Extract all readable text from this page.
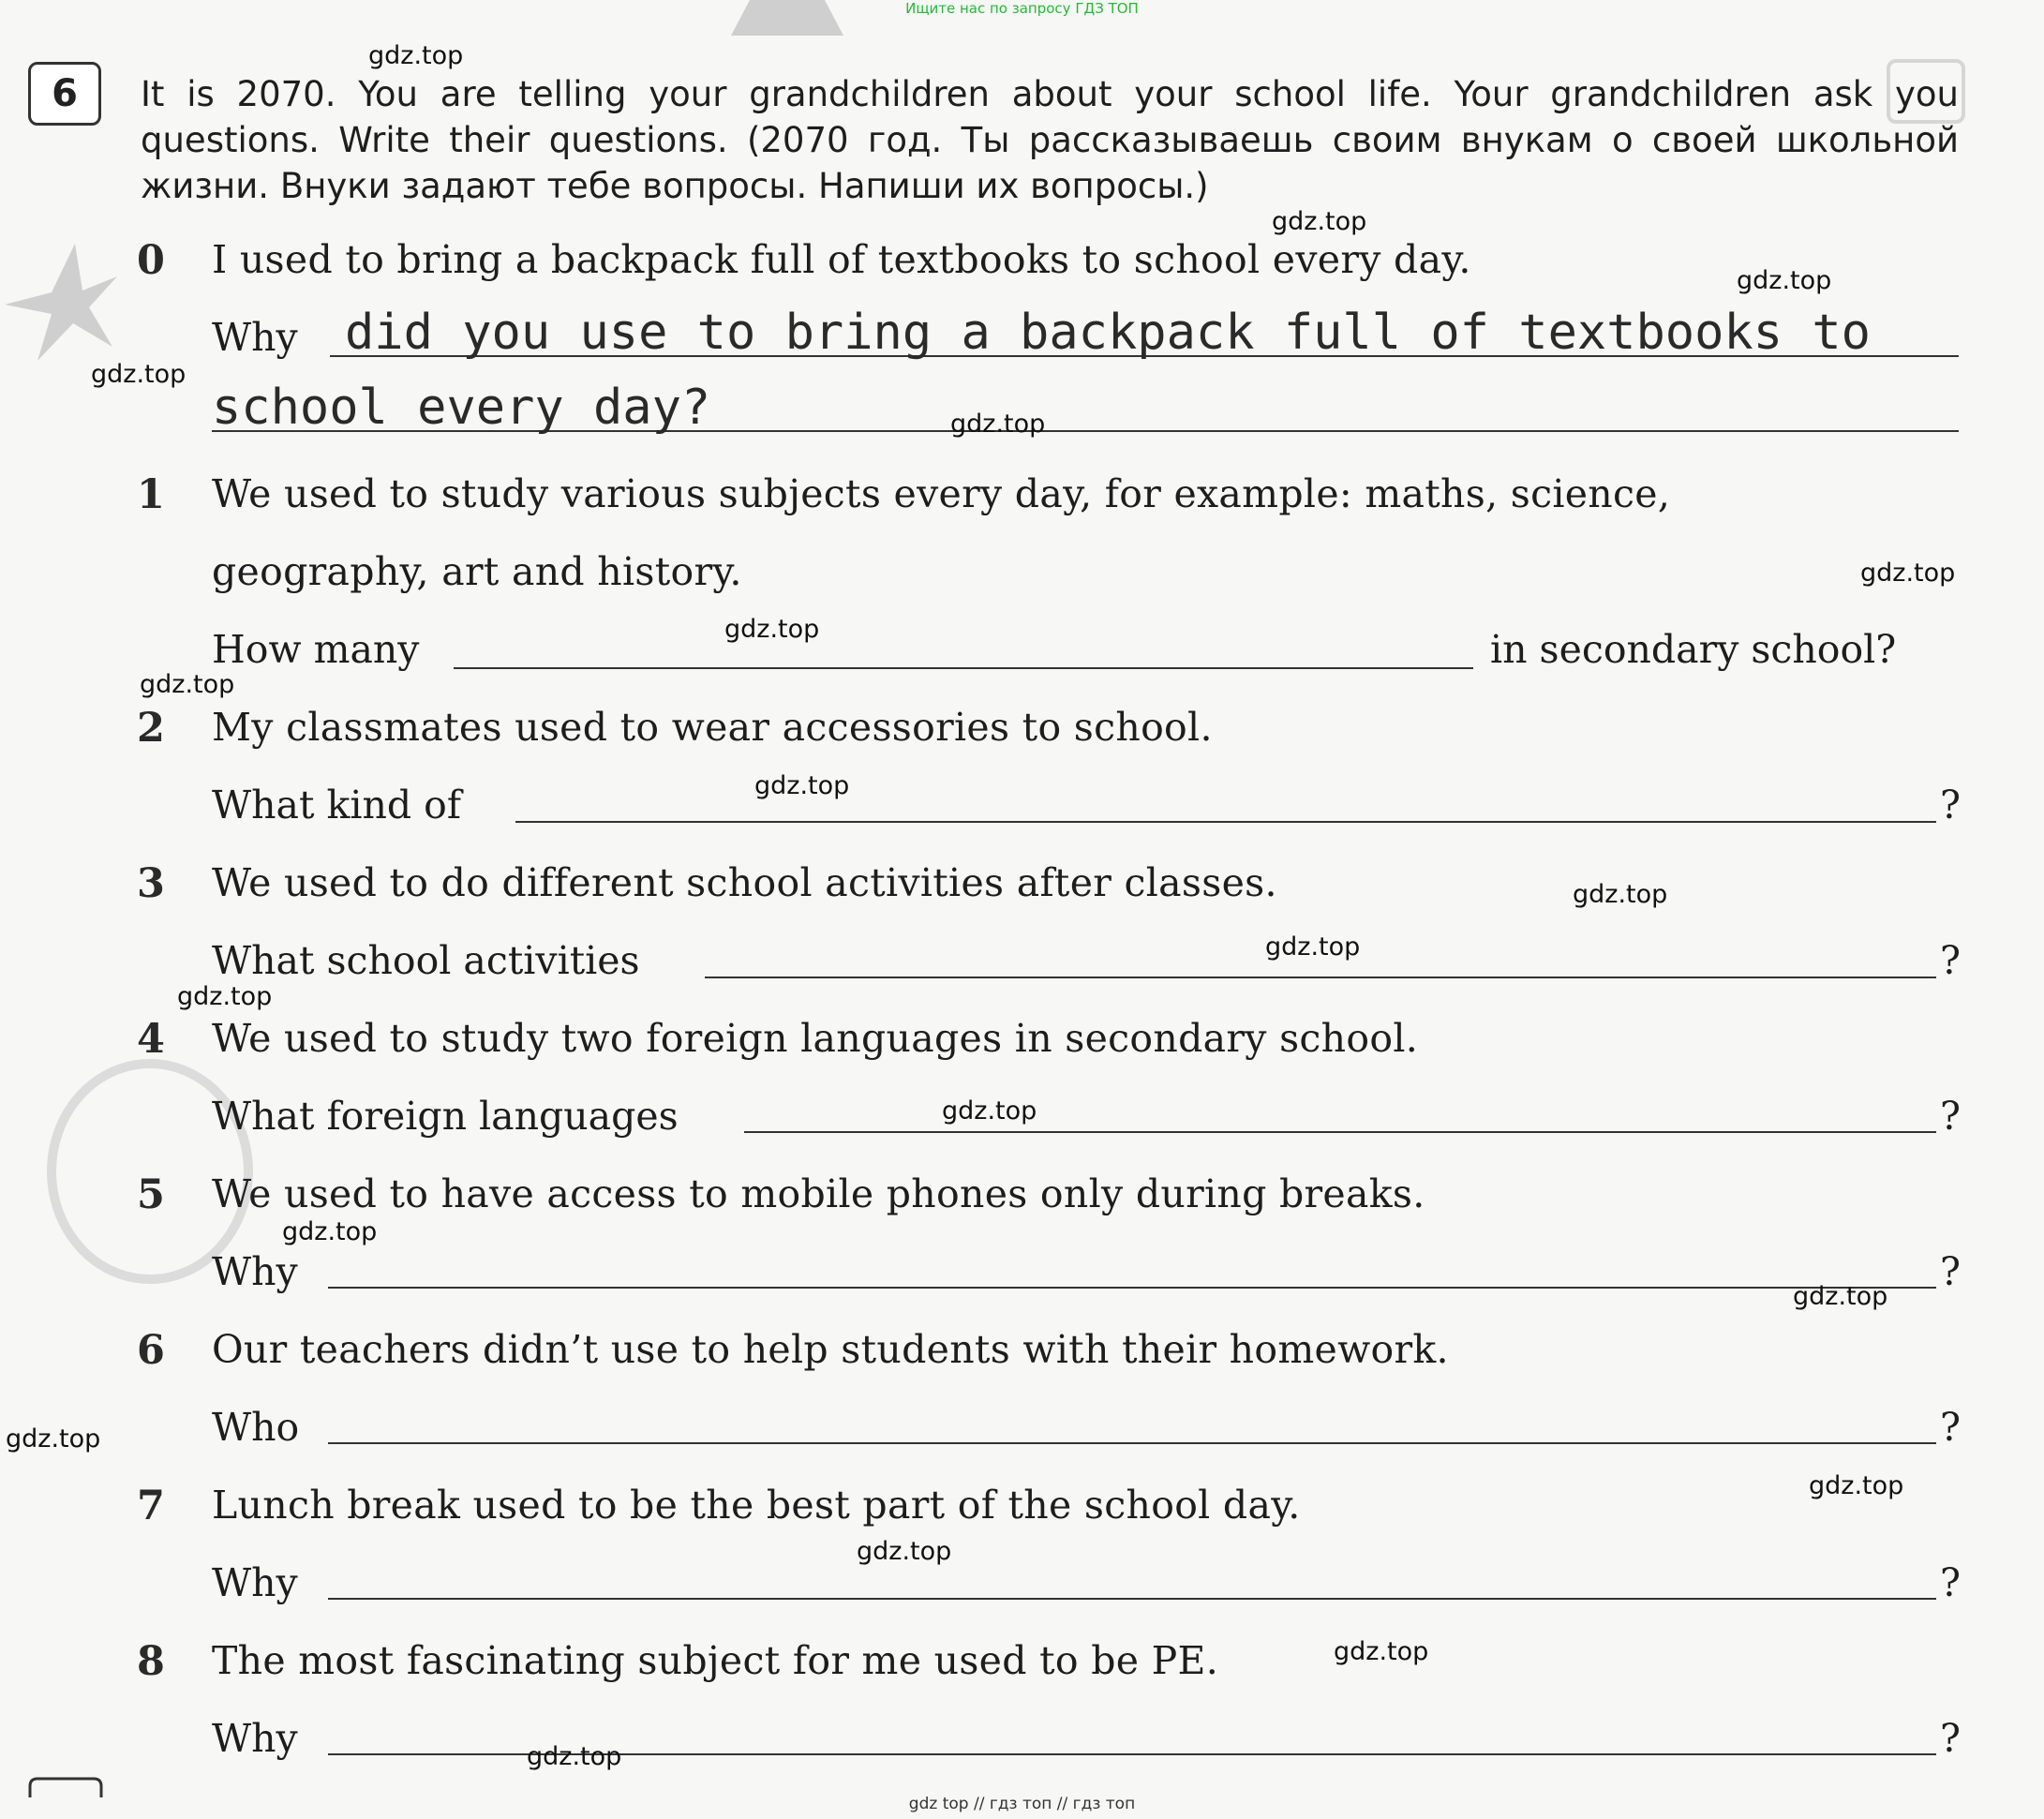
Ищите нас по запросу ГДЗ ТОП
gdz top // гдз топ // гдз топ
6	It is 2070. You are telling your grandchildren about your school life. Your grandchildren ask you questions. Write their questions. (2070 год. Ты рассказываешь своим внукам о своей школьной жизни. Внуки задают тебе вопросы. Напиши их вопросы.)
0 I used to bring a backpack full of textbooks to school every day.
Why did you use to bring a backpack full of textbooks to
school every day?
1 We used to study various subjects every day, for example: maths, science,
geography, art and history.
How many	in secondary school?
2 My classmates used to wear accessories to school.
What kind of	?
3 We used to do different school activities after classes.
What school activities	?
4 We used to study two foreign languages in secondary school.
What foreign languages	?
5 We used to have access to mobile phones only during breaks.
Why	?
6 Our teachers didn’t use to help students with their homework.
Who	?
7 Lunch break used to be the best part of the school day.
Why	?
8 The most fascinating subject for me used to be PE.
Why	?
gdz.top
gdz.top
gdz.top
gdz.top
gdz.top
gdz.top
gdz.top
gdz.top
gdz.top
gdz.top
gdz.top
gdz.top
gdz.top
gdz.top
gdz.top
gdz.top
gdz.top
gdz.top
gdz.top
gdz.top
